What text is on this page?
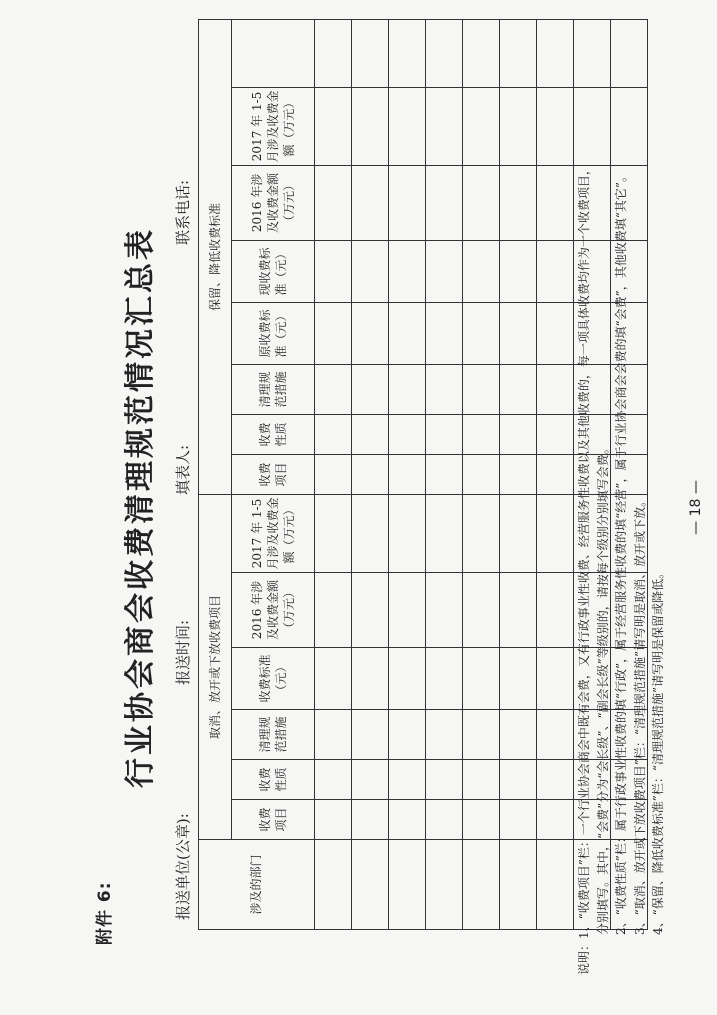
附件 6:
行业协会商会收费清理规范情况汇总表
报送单位(公章):
报送时间:
填表人:
联系电话:
涉及的部门	取消、放开或下放收费项目						保留、降低收费标准							
	收费项目	收费性质	清理规范措施	收费标准（元）	2016 年涉及收费金额（万元）	2017 年 1-5 月涉及收费金额（万元）	收费项目	收费性质	清理规范措施	原收费标准（元）	现收费标准（元）	2016 年涉及收费金额（万元）	2017 年 1-5 月涉及收费金额（万元）	

说明：1、“收费项目”栏：一个行业协会商会中既有会费，又有行政事业性收费、经营服务性收费以及其他收费的，每一项具体收费均作为一个收费项目， 分别填写。其中，“会费”分为“会长级”、“副会长级”等级别的，请按每个级别分别填写会费。 2、“收费性质”栏：属于行政事业性收费的填“行政”，属于经营服务性收费的填“经营”，属于行业协会商会会费的填“会费”，其他收费填“其它”。 3、“取消、放开或下放收费项目”栏：“清理规范措施”请写明是取消、放开或下放。 4、“保留、降低收费标准”栏：“清理规范措施”请写明是保留或降低。
— 18 —
